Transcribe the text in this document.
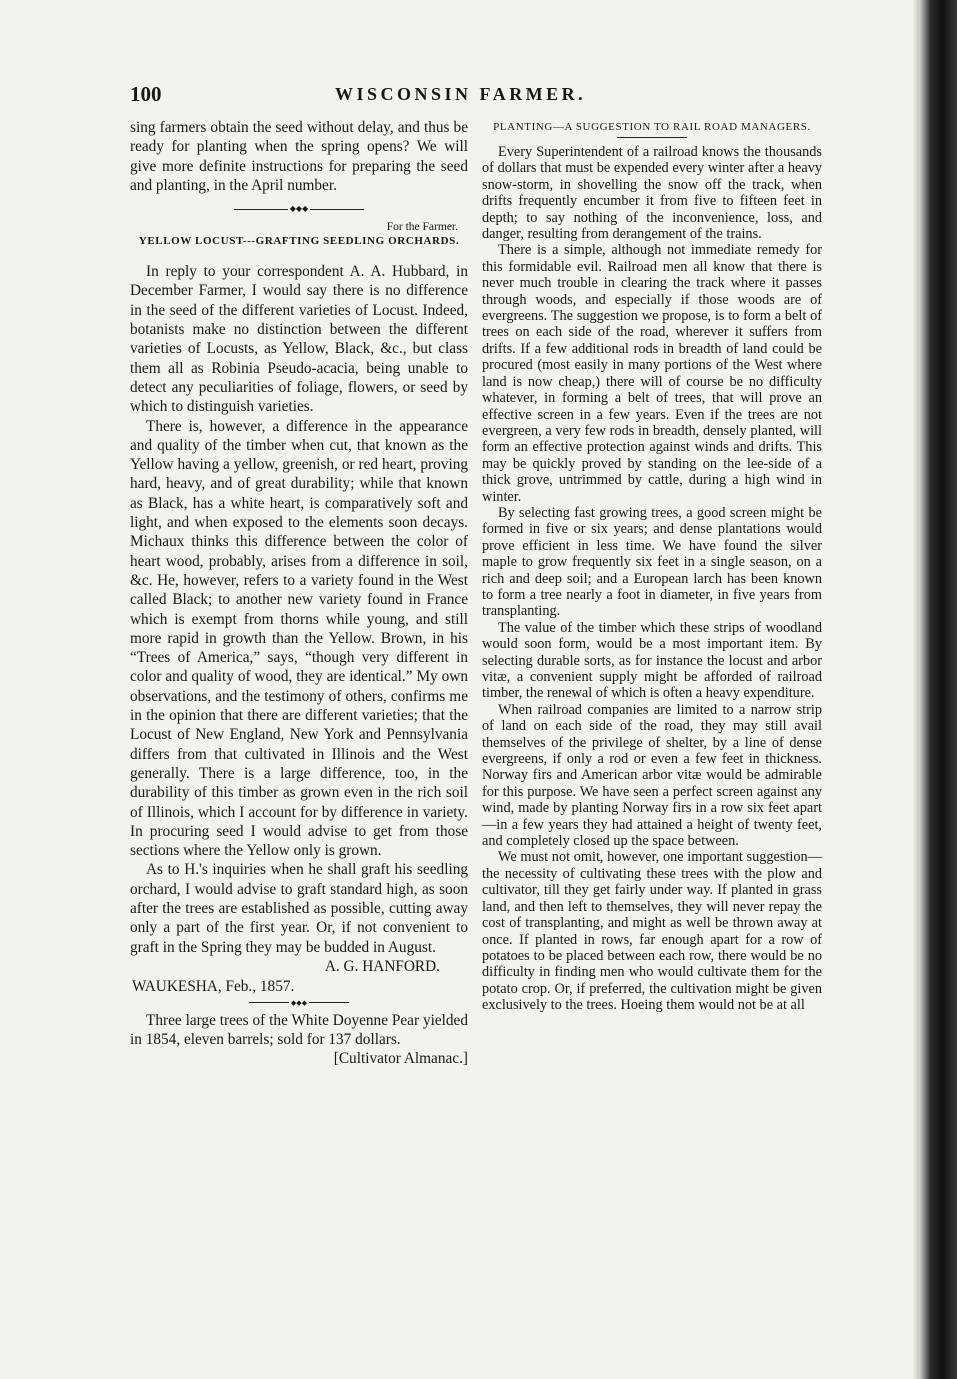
100	WISCONSIN FARMER.

sing farmers obtain the seed without delay, and thus be ready for planting when the spring opens? We will give more definite instructions for preparing the seed and planting, in the April number.

◆◆◆
For the Farmer.
YELLOW LOCUST---GRAFTING SEEDLING ORCHARDS.

In reply to your correspondent A. A. Hubbard, in December Farmer, I would say there is no difference in the seed of the different varieties of Locust. Indeed, botanists make no distinction between the different varieties of Locusts, as Yellow, Black, &c., but class them all as Robinia Pseudo-acacia, being unable to detect any peculiarities of foliage, flowers, or seed by which to distinguish varieties.

There is, however, a difference in the appearance and quality of the timber when cut, that known as the Yellow having a yellow, greenish, or red heart, proving hard, heavy, and of great durability; while that known as Black, has a white heart, is comparatively soft and light, and when exposed to the elements soon decays. Michaux thinks this difference between the color of heart wood, probably, arises from a difference in soil, &c. He, however, refers to a variety found in the West called Black; to another new variety found in France which is exempt from thorns while young, and still more rapid in growth than the Yellow. Brown, in his “Trees of America,” says, “though very different in color and quality of wood, they are identical.” My own observations, and the testimony of others, confirms me in the opinion that there are different varieties; that the Locust of New England, New York and Pennsylvania differs from that cultivated in Illinois and the West generally. There is a large difference, too, in the durability of this timber as grown even in the rich soil of Illinois, which I account for by difference in variety. In procuring seed I would advise to get from those sections where the Yellow only is grown.

As to H.'s inquiries when he shall graft his seedling orchard, I would advise to graft standard high, as soon after the trees are established as possible, cutting away only a part of the first year. Or, if not convenient to graft in the Spring they may be budded in August.

A. G. HANFORD.
WAUKESHA, Feb., 1857.
◆◆◆

Three large trees of the White Doyenne Pear yielded in 1854, eleven barrels; sold for 137 dollars.

[Cultivator Almanac.]
PLANTING—A SUGGESTION TO RAIL ROAD MANAGERS.

Every Superintendent of a railroad knows the thousands of dollars that must be expended every winter after a heavy snow-storm, in shovelling the snow off the track, when drifts frequently encumber it from five to fifteen feet in depth; to say nothing of the inconvenience, loss, and danger, resulting from derangement of the trains.

There is a simple, although not immediate remedy for this formidable evil. Railroad men all know that there is never much trouble in clearing the track where it passes through woods, and especially if those woods are of evergreens. The suggestion we propose, is to form a belt of trees on each side of the road, wherever it suffers from drifts. If a few additional rods in breadth of land could be procured (most easily in many portions of the West where land is now cheap,) there will of course be no difficulty whatever, in forming a belt of trees, that will prove an effective screen in a few years. Even if the trees are not evergreen, a very few rods in breadth, densely planted, will form an effective protection against winds and drifts. This may be quickly proved by standing on the lee-side of a thick grove, untrimmed by cattle, during a high wind in winter.

By selecting fast growing trees, a good screen might be formed in five or six years; and dense plantations would prove efficient in less time. We have found the silver maple to grow frequently six feet in a single season, on a rich and deep soil; and a European larch has been known to form a tree nearly a foot in diameter, in five years from transplanting.

The value of the timber which these strips of woodland would soon form, would be a most important item. By selecting durable sorts, as for instance the locust and arbor vitæ, a convenient supply might be afforded of railroad timber, the renewal of which is often a heavy expenditure.

When railroad companies are limited to a narrow strip of land on each side of the road, they may still avail themselves of the privilege of shelter, by a line of dense evergreens, if only a rod or even a few feet in thickness. Norway firs and American arbor vitæ would be admirable for this purpose. We have seen a perfect screen against any wind, made by planting Norway firs in a row six feet apart—in a few years they had attained a height of twenty feet, and completely closed up the space between.

We must not omit, however, one important suggestion—the necessity of cultivating these trees with the plow and cultivator, till they get fairly under way. If planted in grass land, and then left to themselves, they will never repay the cost of transplanting, and might as well be thrown away at once. If planted in rows, far enough apart for a row of potatoes to be placed between each row, there would be no difficulty in finding men who would cultivate them for the potato crop. Or, if preferred, the cultivation might be given exclusively to the trees. Hoeing them would not be at all
